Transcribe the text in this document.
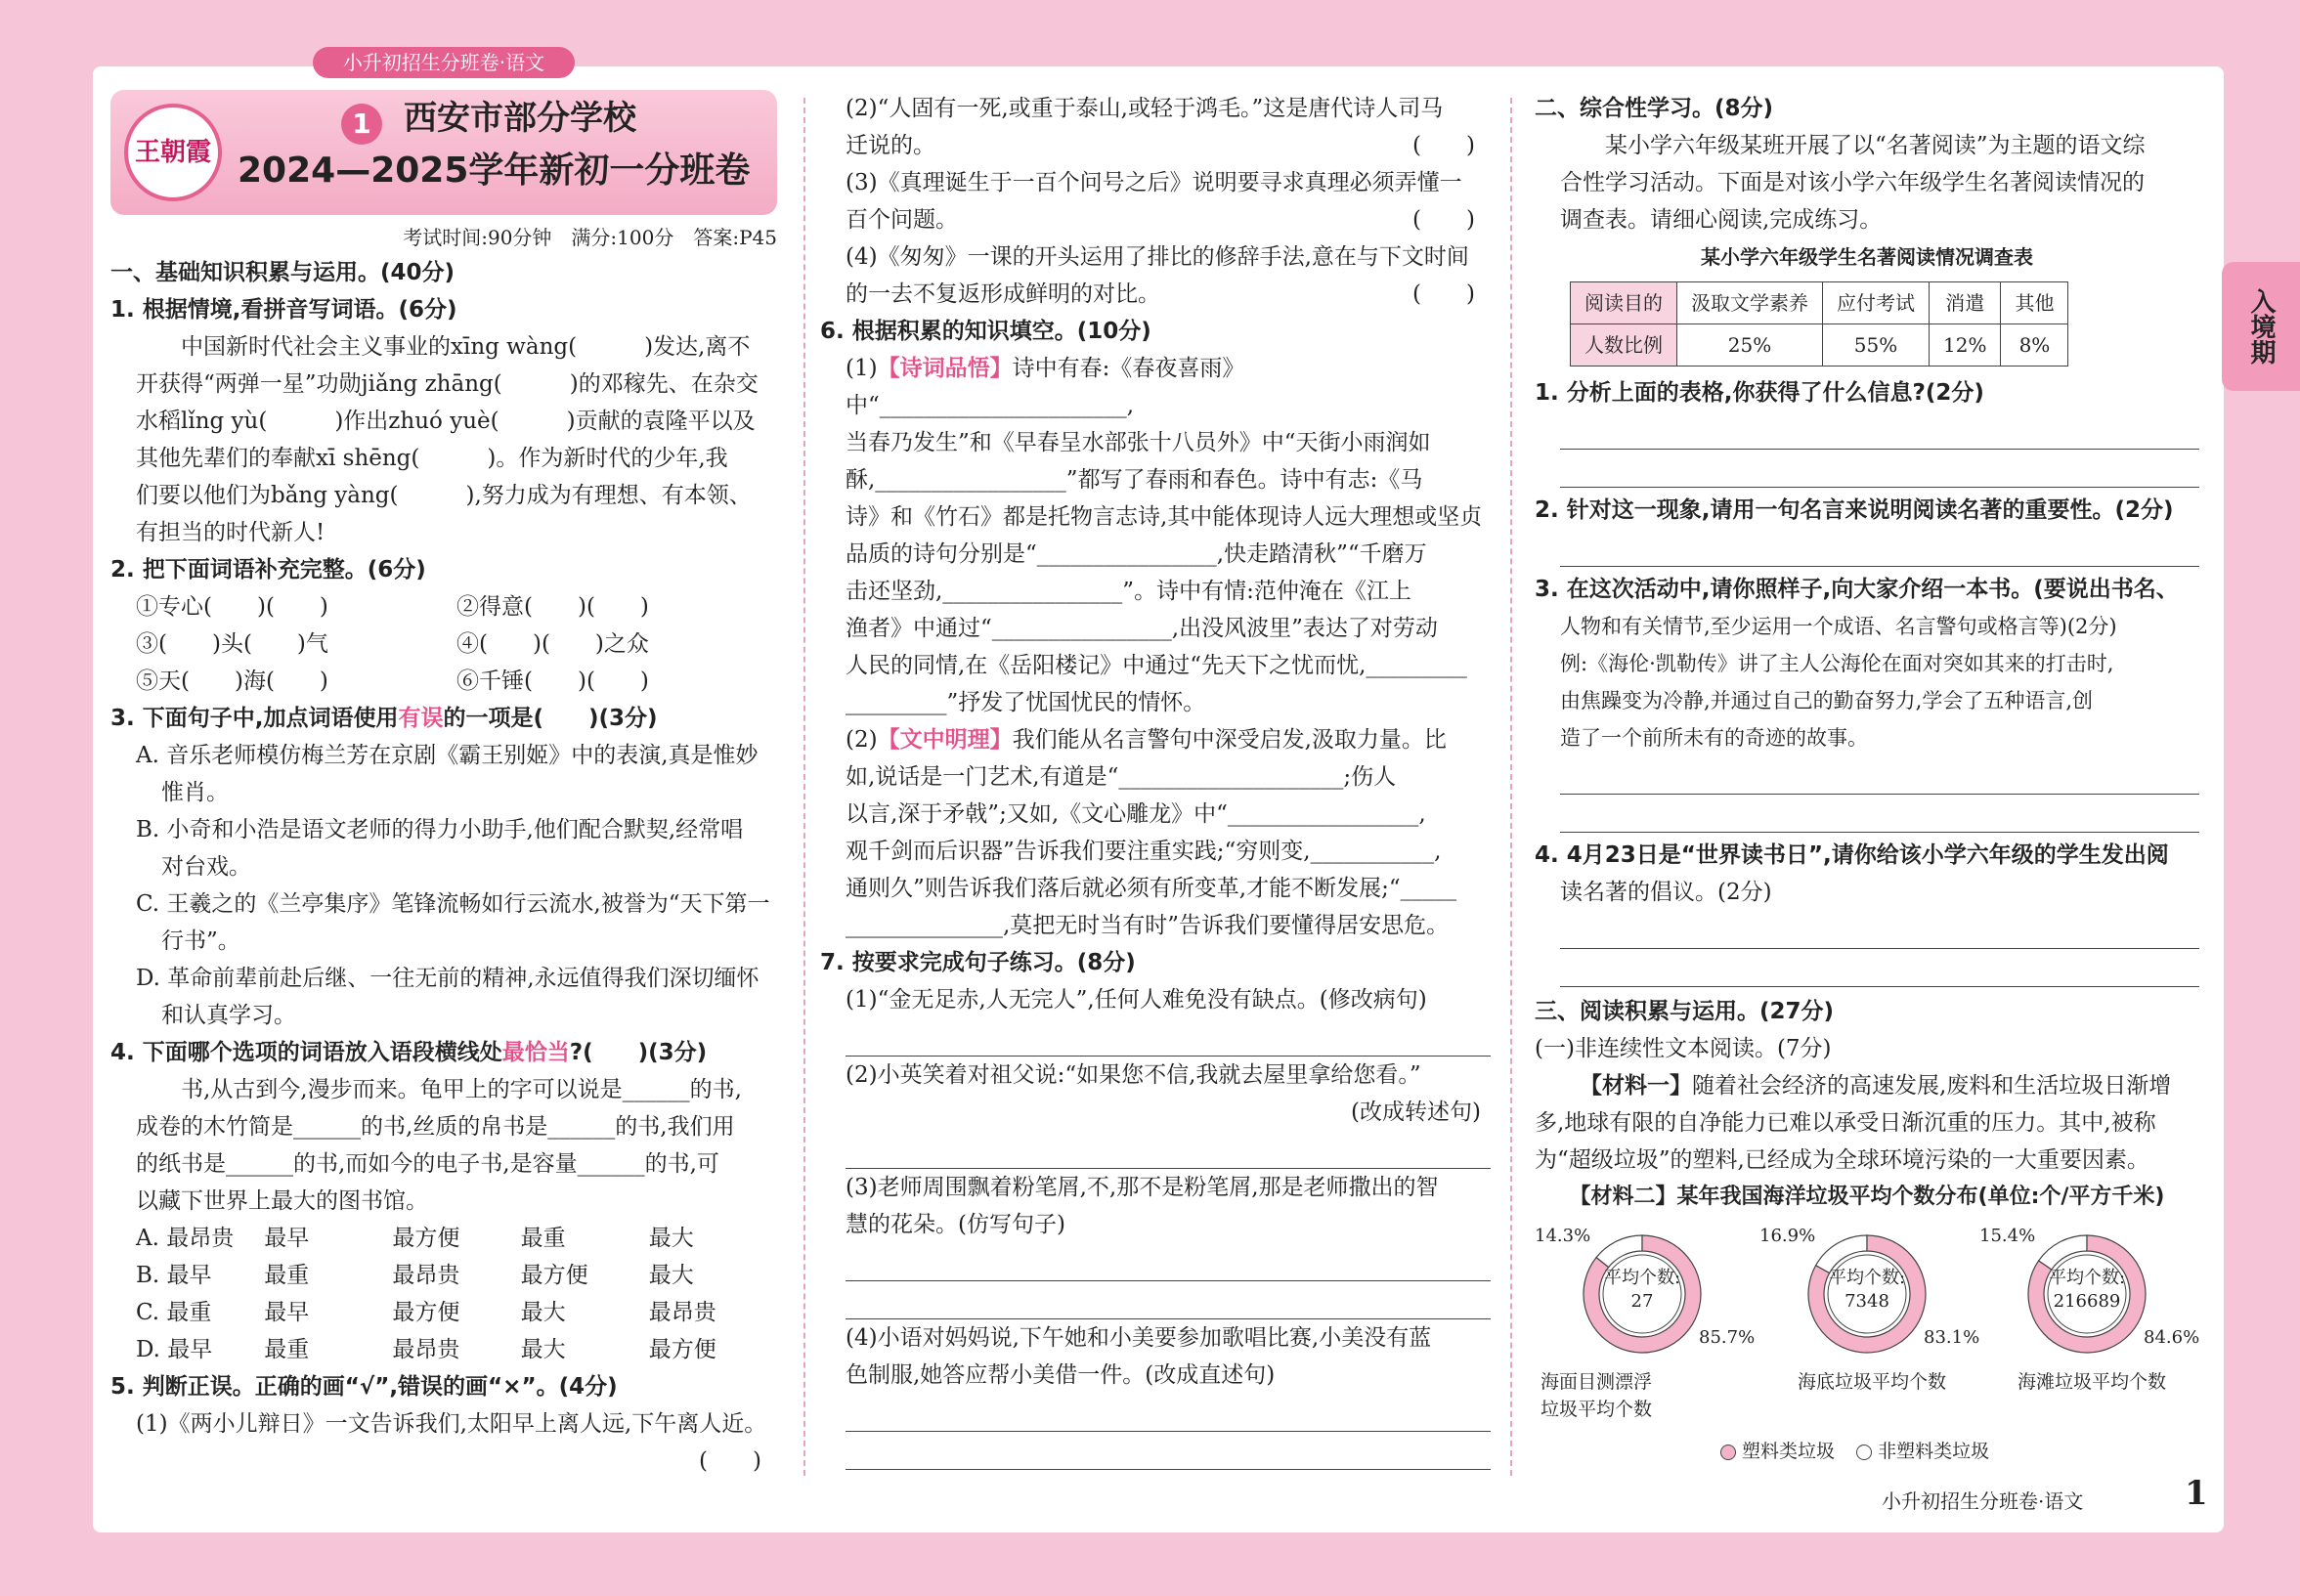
小升初招生分班卷·语文
入境期
王朝霞
1 西安市部分学校
2024—2025学年新初一分班卷
考试时间:90分钟　满分:100分　答案:P45
一、基础知识积累与运用。(40分)
1. 根据情境,看拼音写词语。(6分)
中国新时代社会主义事业的xīng wàng(　　　)发达,离不
开获得“两弹一星”功勋jiǎng zhāng(　　　)的邓稼先、在杂交
水稻lǐng yù(　　　)作出zhuó yuè(　　　)贡献的袁隆平以及
其他先辈们的奉献xī shēng(　　　)。作为新时代的少年,我
们要以他们为bǎng yàng(　　　),努力成为有理想、有本领、
有担当的时代新人!
2. 把下面词语补充完整。(6分)
①专心(　　)(　　)	②得意(　　)(　　)
③(　　)头(　　)气	④(　　)(　　)之众
⑤天(　　)海(　　)	⑥千锤(　　)(　　)
3. 下面句子中,加点词语使用有误的一项是(　　)(3分)
A. 音乐老师模仿梅兰芳在京剧《霸王别姬》中的表演,真是惟妙
惟肖。
B. 小奇和小浩是语文老师的得力小助手,他们配合默契,经常唱
对台戏。
C. 王羲之的《兰亭集序》笔锋流畅如行云流水,被誉为“天下第一
行书”。
D. 革命前辈前赴后继、一往无前的精神,永远值得我们深切缅怀
和认真学习。
4. 下面哪个选项的词语放入语段横线处最恰当?(　　)(3分)
书,从古到今,漫步而来。龟甲上的字可以说是______的书,
成卷的木竹简是______的书,丝质的帛书是______的书,我们用
的纸书是______的书,而如今的电子书,是容量______的书,可
以藏下世界上最大的图书馆。
A. 最昂贵	最早	最方便	最重	最大
B. 最早	最重	最昂贵	最方便	最大
C. 最重	最早	最方便	最大	最昂贵
D. 最早	最重	最昂贵	最大	最方便
5. 判断正误。正确的画“√”,错误的画“×”。(4分)
(1)《两小儿辩日》一文告诉我们,太阳早上离人远,下午离人近。
(　　)
(2)“人固有一死,或重于泰山,或轻于鸿毛。”这是唐代诗人司马
迁说的。	(　　)
(3)《真理诞生于一百个问号之后》说明要寻求真理必须弄懂一
百个问题。	(　　)
(4)《匆匆》一课的开头运用了排比的修辞手法,意在与下文时间
的一去不复返形成鲜明的对比。	(　　)
6. 根据积累的知识填空。(10分)
(1)【诗词品悟】诗中有春:《春夜喜雨》中“______________________,
当春乃发生”和《早春呈水部张十八员外》中“天街小雨润如
酥,_________________”都写了春雨和春色。诗中有志:《马
诗》和《竹石》都是托物言志诗,其中能体现诗人远大理想或坚贞
品质的诗句分别是“________________,快走踏清秋”“千磨万
击还坚劲,________________”。诗中有情:范仲淹在《江上
渔者》中通过“________________,出没风波里”表达了对劳动
人民的同情,在《岳阳楼记》中通过“先天下之忧而忧,_________
_________”抒发了忧国忧民的情怀。
(2)【文中明理】我们能从名言警句中深受启发,汲取力量。比
如,说话是一门艺术,有道是“____________________;伤人
以言,深于矛戟”;又如,《文心雕龙》中“_________________,
观千剑而后识器”告诉我们要注重实践;“穷则变,___________,
通则久”则告诉我们落后就必须有所变革,才能不断发展;“_____
______________,莫把无时当有时”告诉我们要懂得居安思危。
7. 按要求完成句子练习。(8分)
(1)“金无足赤,人无完人”,任何人难免没有缺点。(修改病句)
(2)小英笑着对祖父说:“如果您不信,我就去屋里拿给您看。”
(改成转述句)
(3)老师周围飘着粉笔屑,不,那不是粉笔屑,那是老师撒出的智
慧的花朵。(仿写句子)
(4)小语对妈妈说,下午她和小美要参加歌唱比赛,小美没有蓝
色制服,她答应帮小美借一件。(改成直述句)
二、综合性学习。(8分)
某小学六年级某班开展了以“名著阅读”为主题的语文综
合性学习活动。下面是对该小学六年级学生名著阅读情况的
调查表。请细心阅读,完成练习。
某小学六年级学生名著阅读情况调查表
阅读目的	汲取文学素养	应付考试	消遣	其他
人数比例	25%	55%	12%	8%
1. 分析上面的表格,你获得了什么信息?(2分)
2. 针对这一现象,请用一句名言来说明阅读名著的重要性。(2分)
3. 在这次活动中,请你照样子,向大家介绍一本书。(要说出书名、
人物和有关情节,至少运用一个成语、名言警句或格言等)(2分)
例:《海伦·凯勒传》讲了主人公海伦在面对突如其来的打击时,
由焦躁变为冷静,并通过自己的勤奋努力,学会了五种语言,创
造了一个前所未有的奇迹的故事。
4. 4月23日是“世界读书日”,请你给该小学六年级的学生发出阅
读名著的倡议。(2分)
三、阅读积累与运用。(27分)
(一)非连续性文本阅读。(7分)
【材料一】随着社会经济的高速发展,废料和生活垃圾日渐增
多,地球有限的自净能力已难以承受日渐沉重的压力。其中,被称
为“超级垃圾”的塑料,已经成为全球环境污染的一大重要因素。
【材料二】某年我国海洋垃圾平均个数分布(单位:个/平方千米)
平均个数:
27
14.3%
85.7%
海面目测漂浮
垃圾平均个数
平均个数:
7348
16.9%
83.1%
海底垃圾平均个数
平均个数:
216689
15.4%
84.6%
海滩垃圾平均个数
塑料类垃圾 非塑料类垃圾
小升初招生分班卷·语文	1
